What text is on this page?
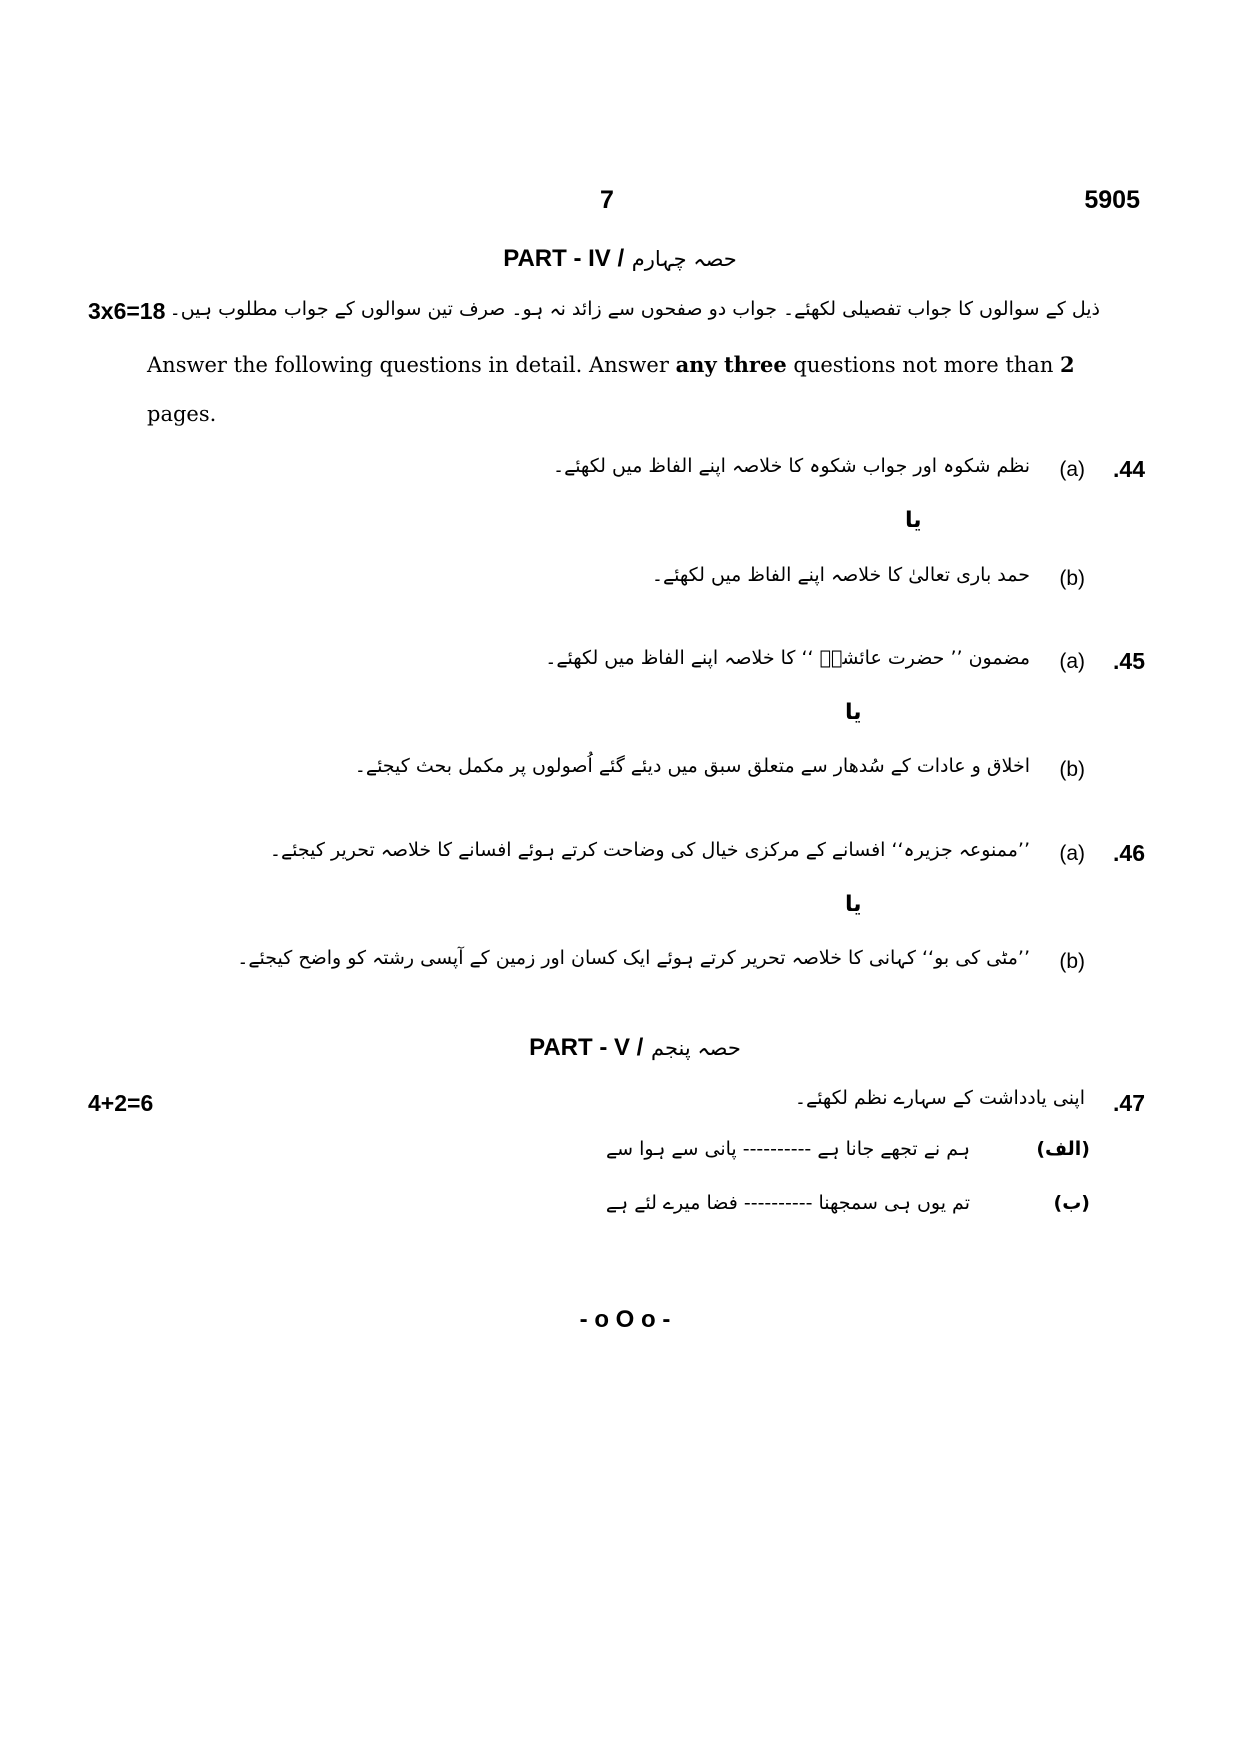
7	5905
PART - IV / حصہ چہارم
3x6=18 ذیل کے سوالوں کا جواب تفصیلی لکھئے۔ جواب دو صفحوں سے زائد نہ ہو۔ صرف تین سوالوں کے جواب مطلوب ہیں۔
Answer the following questions in detail. Answer any three questions not more than 2 pages.
.44
(a)
نظم شکوہ اور جواب شکوہ کا خلاصہ اپنے الفاظ میں لکھئے۔
یا
(b)
حمد باری تعالیٰ کا خلاصہ اپنے الفاظ میں لکھئے۔
.45
(a)
مضمون ’’ حضرت عائشہؓ ‘‘ کا خلاصہ اپنے الفاظ میں لکھئے۔
یا
(b)
اخلاق و عادات کے سُدھار سے متعلق سبق میں دیئے گئے اُصولوں پر مکمل بحث کیجئے۔
.46
(a)
’’ممنوعہ جزیرہ‘‘ افسانے کے مرکزی خیال کی وضاحت کرتے ہوئے افسانے کا خلاصہ تحریر کیجئے۔
یا
(b)
’’مٹی کی بو‘‘ کہانی کا خلاصہ تحریر کرتے ہوئے ایک کسان اور زمین کے آپسی رشتہ کو واضح کیجئے۔
PART - V / حصہ پنجم
4+2=6	.47
اپنی یادداشت کے سہارے نظم لکھئے۔
(الف)
ہم نے تجھے جانا ہے ---------- پانی سے ہوا سے
(ب)
تم یوں ہی سمجھنا ---------- فضا میرے لئے ہے
- o O o -
